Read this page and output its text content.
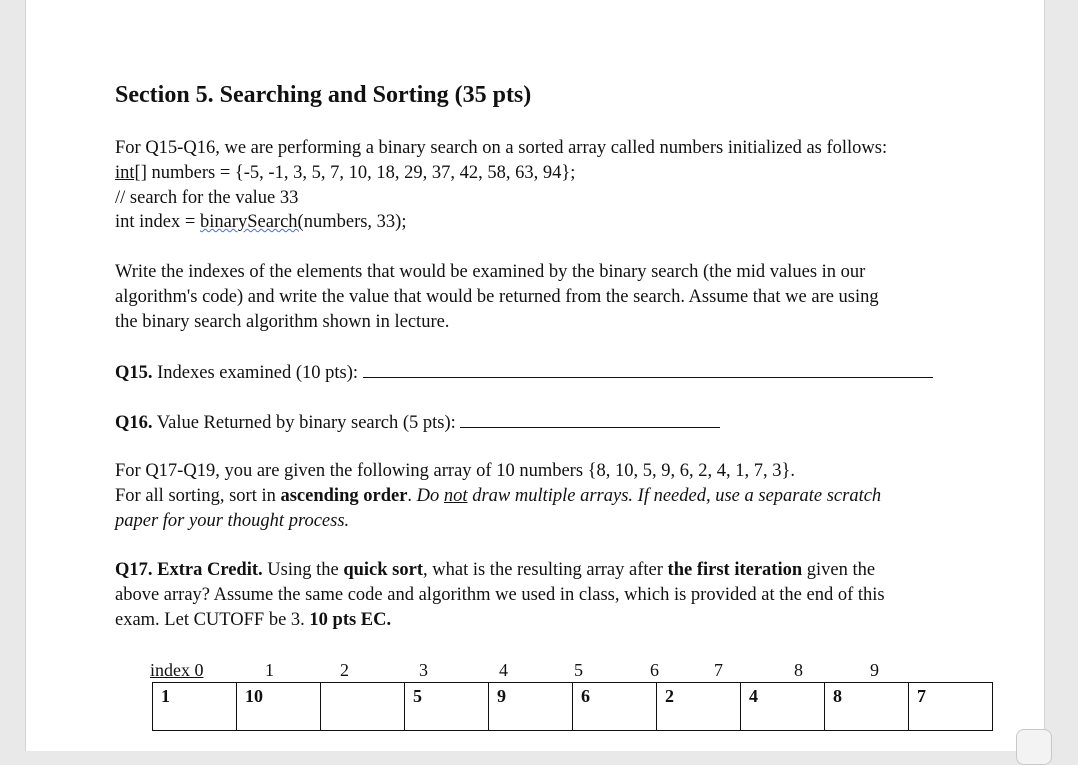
Section 5. Searching and Sorting (35 pts)
For Q15-Q16, we are performing a binary search on a sorted array called numbers initialized as follows:
int[] numbers = {-5, -1, 3, 5, 7, 10, 18, 29, 37, 42, 58, 63, 94};
// search for the value 33
int index = binarySearch(numbers, 33);
Write the indexes of the elements that would be examined by the binary search (the mid values in our
algorithm's code) and write the value that would be returned from the search. Assume that we are using
the binary search algorithm shown in lecture.
Q15. Indexes examined (10 pts):
Q16. Value Returned by binary search (5 pts):
For Q17-Q19, you are given the following array of 10 numbers {8, 10, 5, 9, 6, 2, 4, 1, 7, 3}.
For all sorting, sort in ascending order. Do not draw multiple arrays. If needed, use a separate scratch
paper for your thought process.
Q17. Extra Credit. Using the quick sort, what is the resulting array after the first iteration given the
above array? Assume the same code and algorithm we used in class, which is provided at the end of this
exam. Let CUTOFF be 3. 10 pts EC.
index 0	1	2	3	4	5	6	7	8	9
1	10		5	9	6	2	4	8	7
